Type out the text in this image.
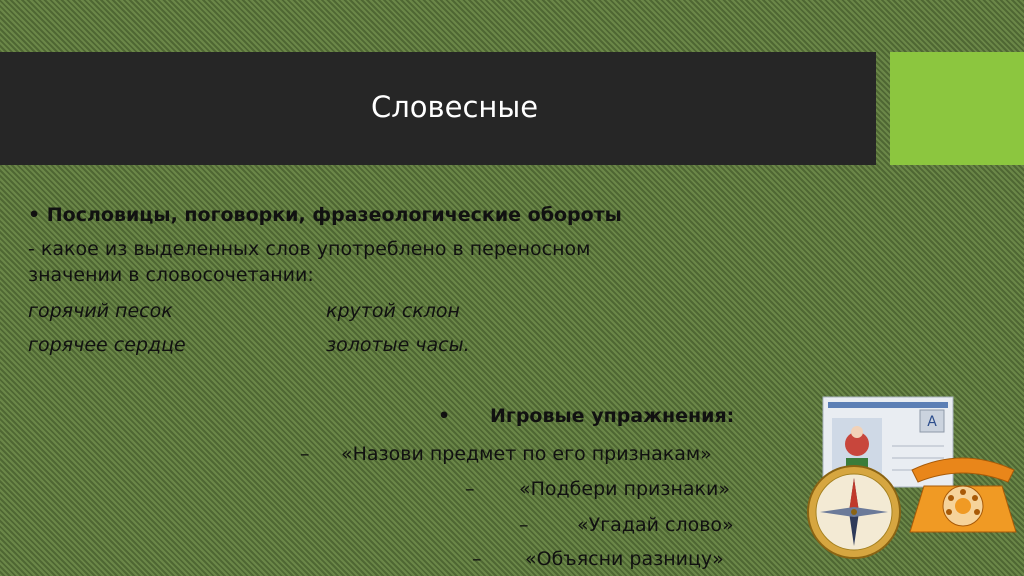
Словесные
• Пословицы, поговорки, фразеологические обороты
- какое из выделенных слов употреблено в переносном
значении в словосочетании:
горячий песок	крутой склон
горячее сердце	золотые часы.
• Игровые упражнения:
– «Назови предмет по его признакам»
– «Подбери признаки»
–	«Угадай слово»
– «Объясни разницу»
A
